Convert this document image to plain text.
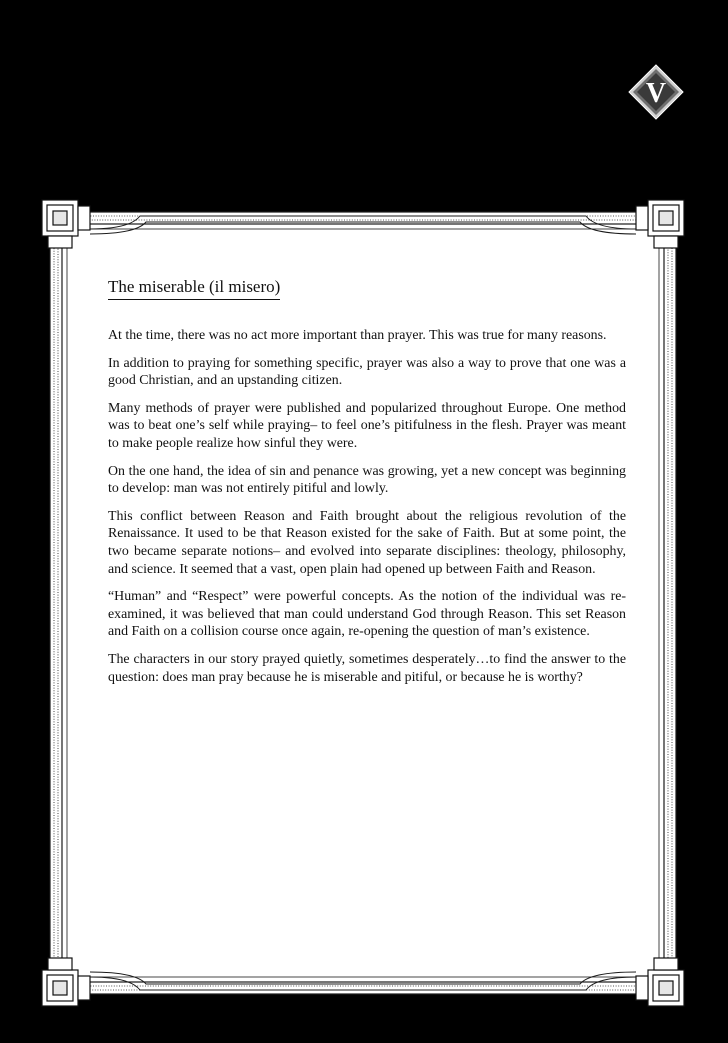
V
The miserable (il misero)

At the time, there was no act more important than prayer. This was true for many reasons.

In addition to praying for something specific, prayer was also a way to prove that one was a good Christian, and an upstanding citizen.

Many methods of prayer were published and popularized throughout Europe. One method was to beat one’s self while praying– to feel one’s pitifulness in the flesh. Prayer was meant to make people realize how sinful they were.

On the one hand, the idea of sin and penance was growing, yet a new concept was beginning to develop: man was not entirely pitiful and lowly.

This conflict between Reason and Faith brought about the religious revolution of the Renaissance. It used to be that Reason existed for the sake of Faith. But at some point, the two became separate notions– and evolved into separate disciplines: theology, philosophy, and science. It seemed that a vast, open plain had opened up between Faith and Reason.

“Human” and “Respect” were powerful concepts. As the notion of the individual was re-examined, it was believed that man could understand God through Reason. This set Reason and Faith on a collision course once again, re-opening the question of man’s existence.

The characters in our story prayed quietly, sometimes desperately…to find the answer to the question: does man pray because he is miserable and pitiful, or because he is worthy?
